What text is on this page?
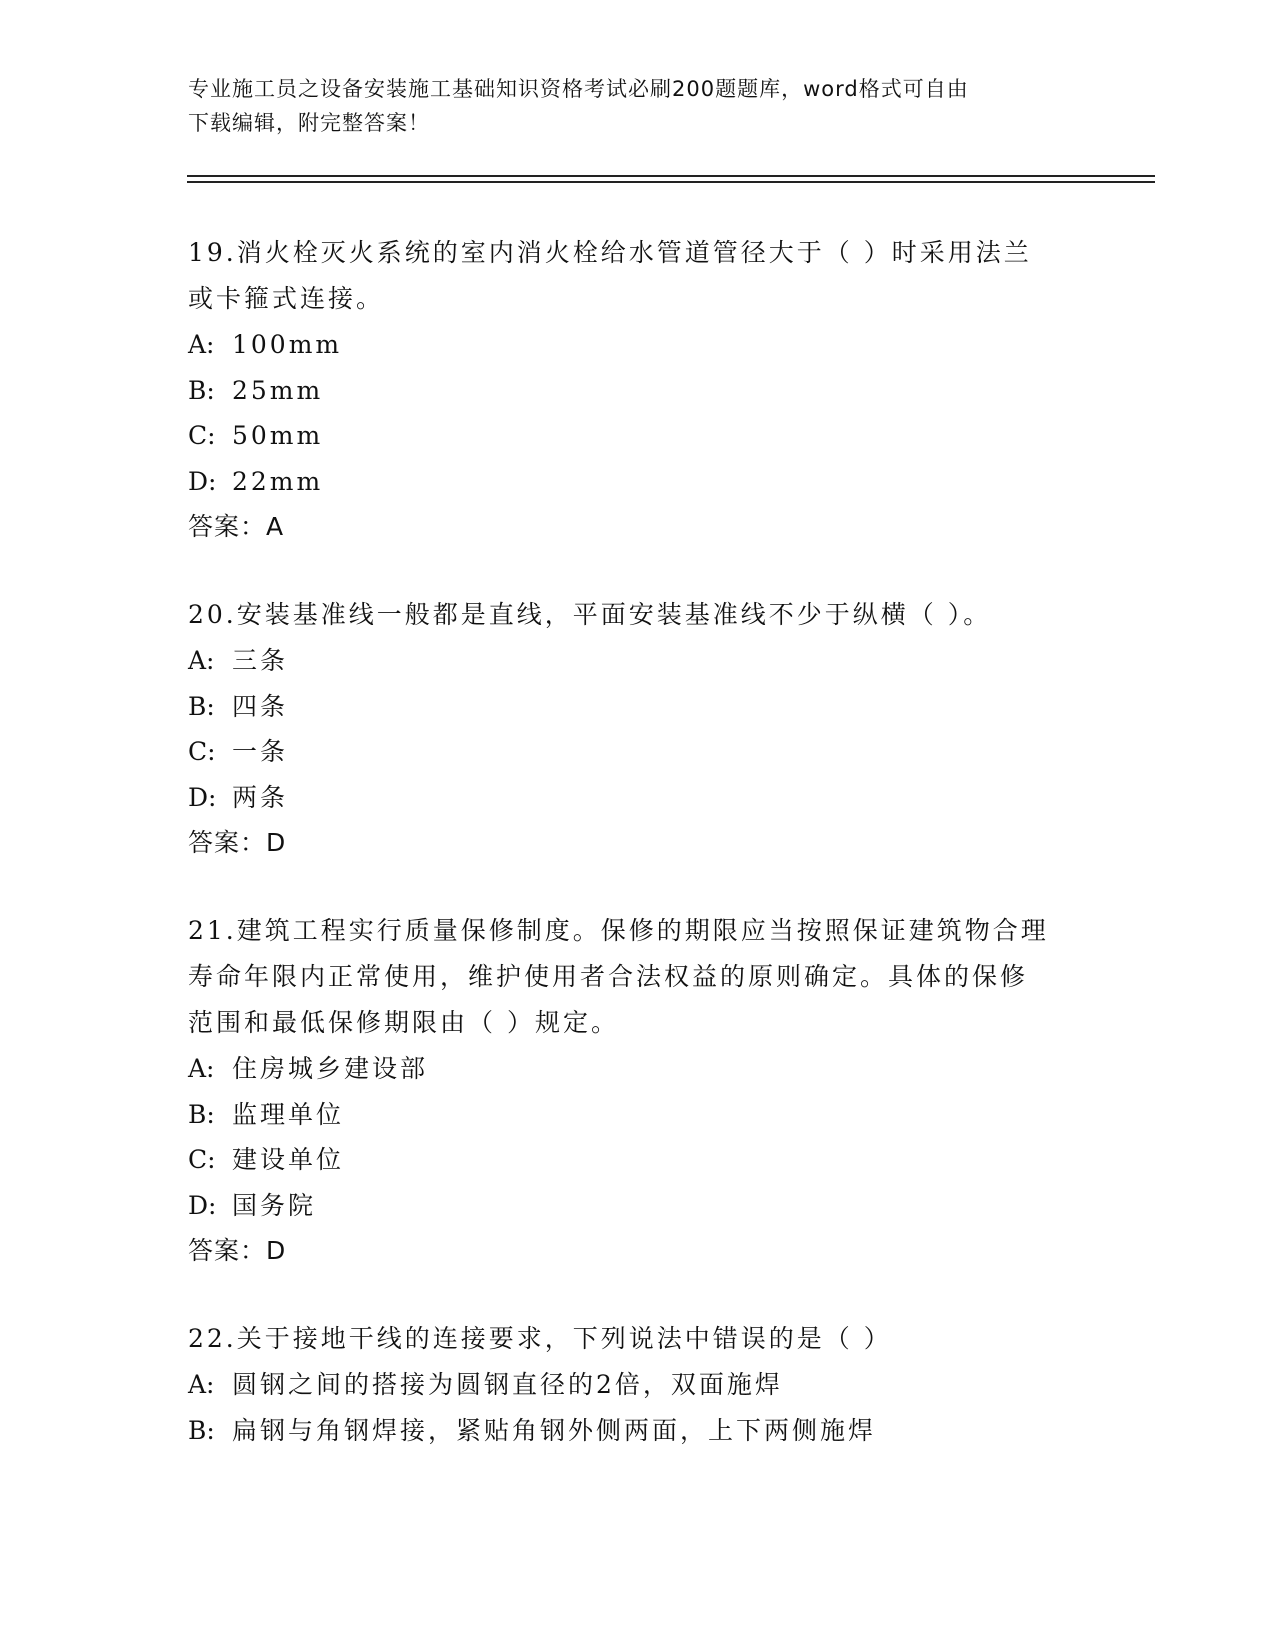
专业施工员之设备安装施工基础知识资格考试必刷200题题库，word格式可自由
下载编辑，附完整答案！
19.消火栓灭火系统的室内消火栓给水管道管径大于（ ）时采用法兰
或卡箍式连接。
A: 100mm
B: 25mm
C: 50mm
D: 22mm
答案：A
20.安装基准线一般都是直线，平面安装基准线不少于纵横（ ）。
A: 三条
B: 四条
C: 一条
D: 两条
答案：D
21.建筑工程实行质量保修制度。保修的期限应当按照保证建筑物合理
寿命年限内正常使用，维护使用者合法权益的原则确定。具体的保修
范围和最低保修期限由（ ）规定。
A: 住房城乡建设部
B: 监理单位
C: 建设单位
D: 国务院
答案：D
22.关于接地干线的连接要求，下列说法中错误的是（ ）
A: 圆钢之间的搭接为圆钢直径的2倍，双面施焊
B: 扁钢与角钢焊接，紧贴角钢外侧两面，上下两侧施焊
